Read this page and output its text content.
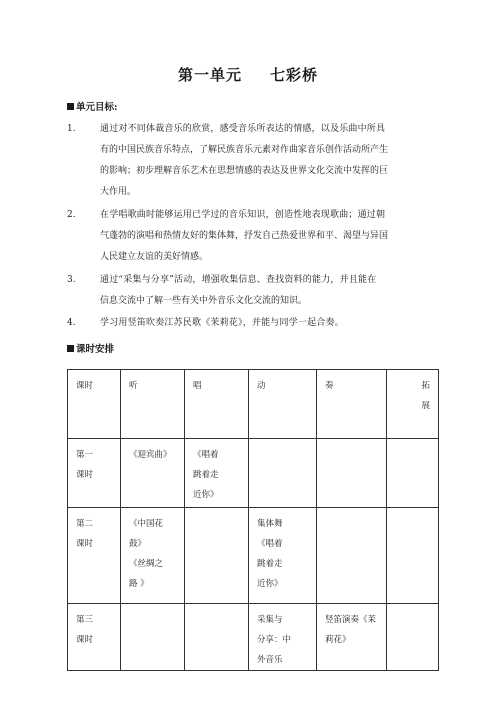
第一单元 七彩桥
单元目标:
1.	通过对不同体裁音乐的欣赏，感受音乐所表达的情感，以及乐曲中所具
有的中国民族音乐特点，了解民族音乐元素对作曲家音乐创作活动所产生
的影响；初步理解音乐艺术在思想情感的表达及世界文化交流中发挥的巨
大作用。
2.	在学唱歌曲时能够运用已学过的音乐知识，创造性地表现歌曲；通过朝
气蓬勃的演唱和热情友好的集体舞，抒发自己热爱世界和平、渴望与异国
人民建立友谊的美好情感。
3.	通过“采集与分享”活动，增强收集信息、查找资料的能力，并且能在
信息交流中了解一些有关中外音乐文化交流的知识。
4.	学习用竖笛吹奏江苏民歌《茉莉花》，并能与同学一起合奏。
课时安排
课时	听	唱	动	奏	拓
展

第一
课时	《迎宾曲》	《唱着
跳着走
近你》			

第二
课时	《中国花
鼓》
《丝绸之
路 》		集体舞
《唱着
跳着走
近你》		

第三
课时			采集与
分享：中
外音乐	竖笛演奏《茉
莉花》	
